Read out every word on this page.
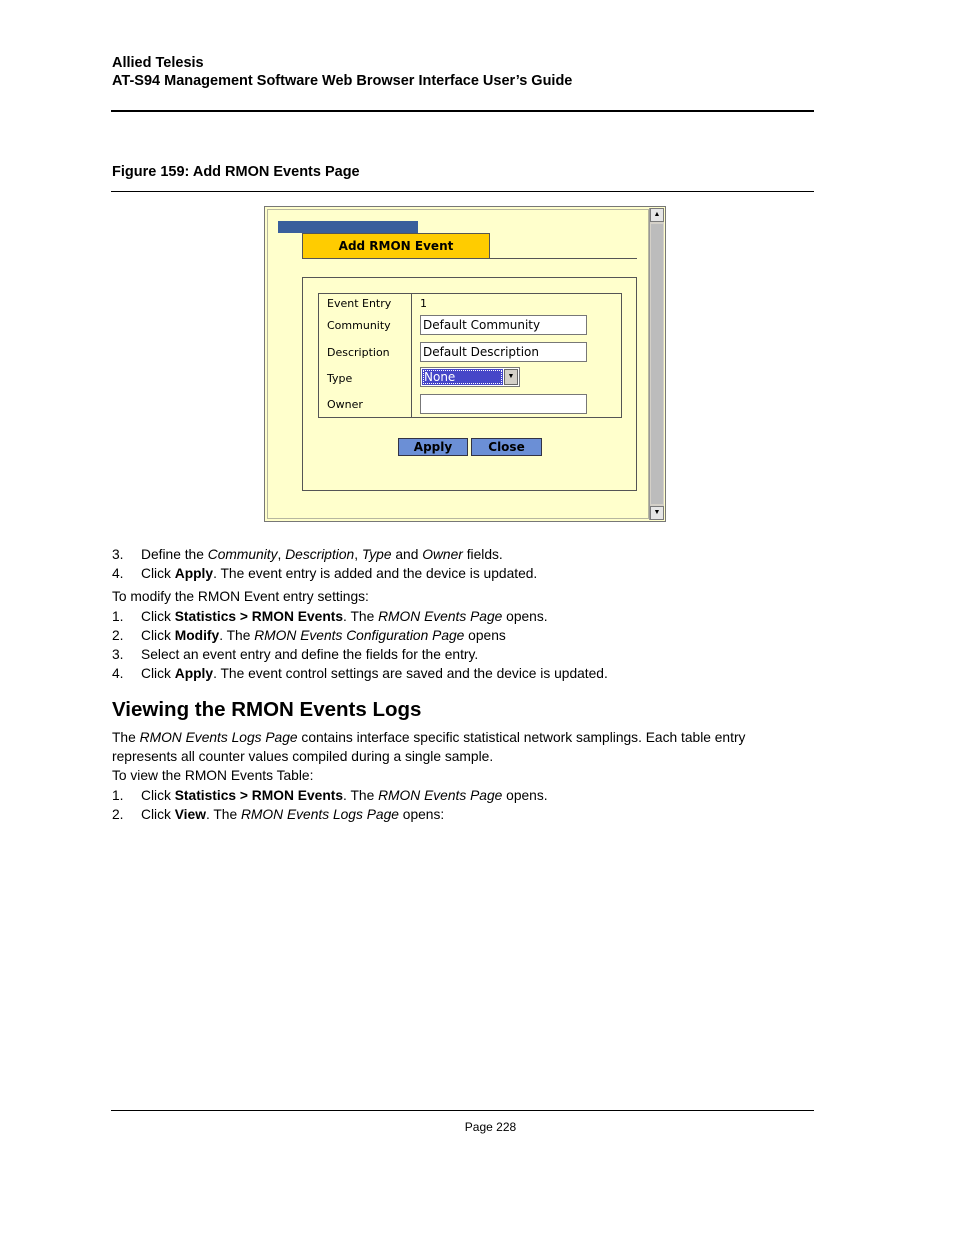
Allied Telesis
AT-S94 Management Software Web Browser Interface User’s Guide
Figure 159: Add RMON Events Page
Add RMON Event
Event Entry	1
Community	Default Community
Description	Default Description
Type	None	▼
Owner
Apply	Close
▲
▼
3. Define the Community, Description, Type and Owner fields.
4. Click Apply. The event entry is added and the device is updated.
To modify the RMON Event entry settings:
1. Click Statistics > RMON Events. The RMON Events Page opens.
2. Click Modify. The RMON Events Configuration Page opens
3. Select an event entry and define the fields for the entry.
4. Click Apply. The event control settings are saved and the device is updated.
Viewing the RMON Events Logs
The RMON Events Logs Page contains interface specific statistical network samplings. Each table entry
represents all counter values compiled during a single sample.
To view the RMON Events Table:
1. Click Statistics > RMON Events. The RMON Events Page opens.
2. Click View. The RMON Events Logs Page opens:
Page 228
